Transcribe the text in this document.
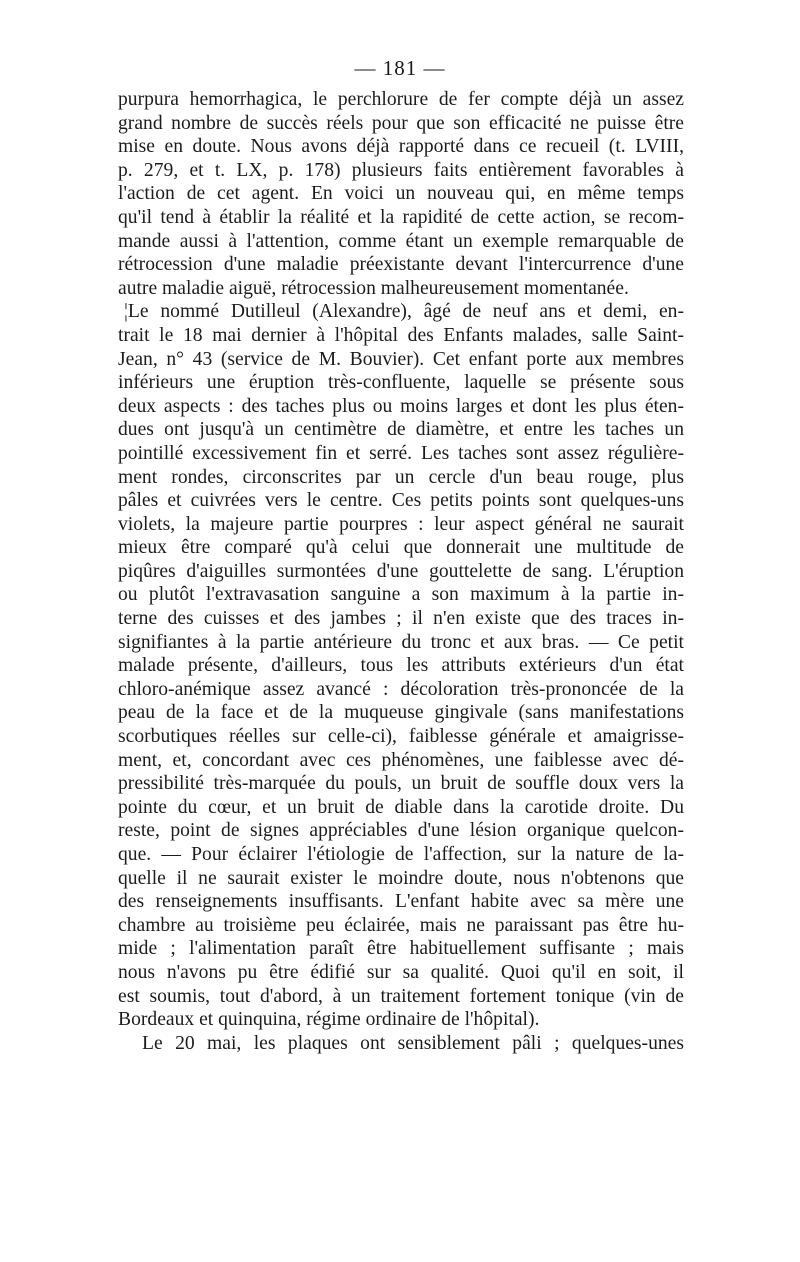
— 181 —
purpura hemorrhagica, le perchlorure de fer compte déjà un assez
grand nombre de succès réels pour que son efficacité ne puisse être
mise en doute. Nous avons déjà rapporté dans ce recueil (t. LVIII,
p. 279, et t. LX, p. 178) plusieurs faits entièrement favorables à
l'action de cet agent. En voici un nouveau qui, en même temps
qu'il tend à établir la réalité et la rapidité de cette action, se recom-
mande aussi à l'attention, comme étant un exemple remarquable de
rétrocession d'une maladie préexistante devant l'intercurrence d'une
autre maladie aiguë, rétrocession malheureusement momentanée.
¦Le nommé Dutilleul (Alexandre), âgé de neuf ans et demi, en-
trait le 18 mai dernier à l'hôpital des Enfants malades, salle Saint-
Jean, n° 43 (service de M. Bouvier). Cet enfant porte aux membres
inférieurs une éruption très-confluente, laquelle se présente sous
deux aspects : des taches plus ou moins larges et dont les plus éten-
dues ont jusqu'à un centimètre de diamètre, et entre les taches un
pointillé excessivement fin et serré. Les taches sont assez régulière-
ment rondes, circonscrites par un cercle d'un beau rouge, plus
pâles et cuivrées vers le centre. Ces petits points sont quelques-uns
violets, la majeure partie pourpres : leur aspect général ne saurait
mieux être comparé qu'à celui que donnerait une multitude de
piqûres d'aiguilles surmontées d'une gouttelette de sang. L'éruption
ou plutôt l'extravasation sanguine a son maximum à la partie in-
terne des cuisses et des jambes ; il n'en existe que des traces in-
signifiantes à la partie antérieure du tronc et aux bras. — Ce petit
malade présente, d'ailleurs, tous les attributs extérieurs d'un état
chloro-anémique assez avancé : décoloration très-prononcée de la
peau de la face et de la muqueuse gingivale (sans manifestations
scorbutiques réelles sur celle-ci), faiblesse générale et amaigrisse-
ment, et, concordant avec ces phénomènes, une faiblesse avec dé-
pressibilité très-marquée du pouls, un bruit de souffle doux vers la
pointe du cœur, et un bruit de diable dans la carotide droite. Du
reste, point de signes appréciables d'une lésion organique quelcon-
que. — Pour éclairer l'étiologie de l'affection, sur la nature de la-
quelle il ne saurait exister le moindre doute, nous n'obtenons que
des renseignements insuffisants. L'enfant habite avec sa mère une
chambre au troisième peu éclairée, mais ne paraissant pas être hu-
mide ; l'alimentation paraît être habituellement suffisante ; mais
nous n'avons pu être édifié sur sa qualité. Quoi qu'il en soit, il
est soumis, tout d'abord, à un traitement fortement tonique (vin de
Bordeaux et quinquina, régime ordinaire de l'hôpital).
Le 20 mai, les plaques ont sensiblement pâli ; quelques-unes
